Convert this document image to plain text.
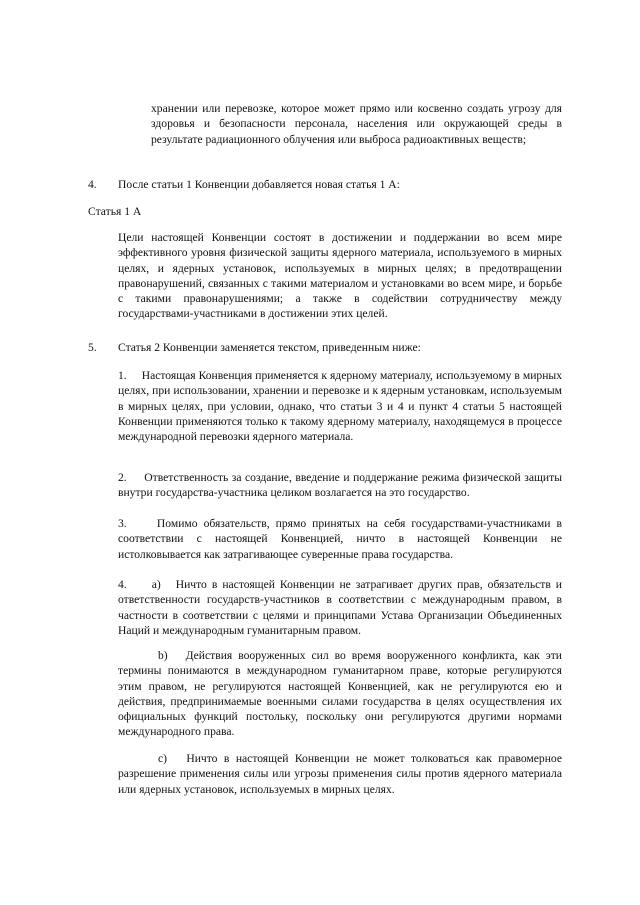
хранении или перевозке, которое может прямо или косвенно создать угрозу для здоровья и безопасности персонала, населения или окружающей среды в результате радиационного облучения или выброса радиоактивных веществ;

4. После статьи 1 Конвенции добавляется новая статья 1 А:
Статья 1 А

Цели настоящей Конвенции состоят в достижении и поддержании во всем мире эффективного уровня физической защиты ядерного материала, используемого в мирных целях, и ядерных установок, используемых в мирных целях; в предотвращении правонарушений, связанных с такими материалом и установками во всем мире, и борьбе с такими правонарушениями; а также в содействии сотрудничеству между государствами-участниками в достижении этих целей.

5. Статья 2 Конвенции заменяется текстом, приведенным ниже:

1.     Настоящая Конвенция применяется к ядерному материалу, используемому в мирных целях, при использовании, хранении и перевозке и к ядерным установкам, используемым в мирных целях, при условии, однако, что статьи 3 и 4 и пункт 4 статьи 5 настоящей Конвенции применяются только к такому ядерному материалу, находящемуся в процессе международной перевозки ядерного материала.

2.     Ответственность за создание, введение и поддержание режима физической защиты внутри государства-участника целиком возлагается на это государство.

3.     Помимо обязательств, прямо принятых на себя государствами-участниками в соответствии с настоящей Конвенцией, ничто в настоящей Конвенции не истолковывается как затрагивающее суверенные права государства.

4.     a)   Ничто в настоящей Конвенции не затрагивает других прав, обязательств и ответственности государств-участников в соответствии с международным правом, в частности в соответствии с целями и принципами Устава Организации Объединенных Наций и международным гуманитарным правом.

b)   Действия вооруженных сил во время вооруженного конфликта, как эти термины понимаются в международном гуманитарном праве, которые регулируются этим правом, не регулируются настоящей Конвенцией, как не регулируются ею и действия, предпринимаемые военными силами государства в целях осуществления их официальных функций постольку, поскольку они регулируются другими нормами международного права.

c)   Ничто в настоящей Конвенции не может толковаться как правомерное разрешение применения силы или угрозы применения силы против ядерного материала или ядерных установок, используемых в мирных целях.
